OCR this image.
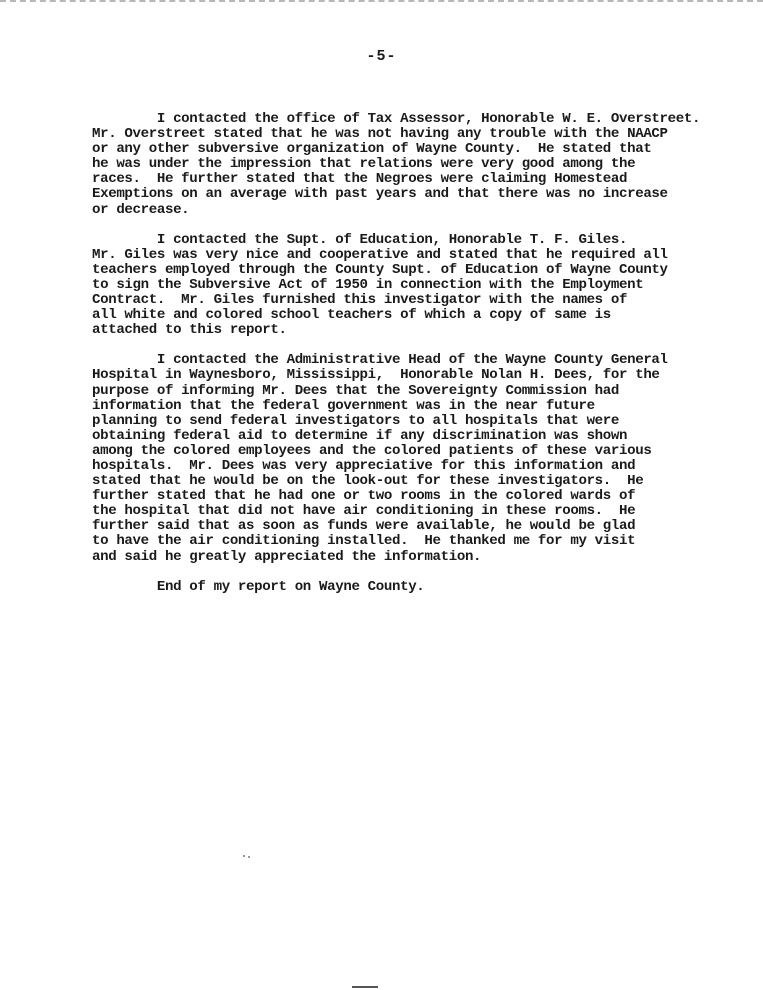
-5-
I contacted the office of Tax Assessor, Honorable W. E. Overstreet.
Mr. Overstreet stated that he was not having any trouble with the NAACP
or any other subversive organization of Wayne County.  He stated that
he was under the impression that relations were very good among the
races.  He further stated that the Negroes were claiming Homestead
Exemptions on an average with past years and that there was no increase
or decrease.
I contacted the Supt. of Education, Honorable T. F. Giles.
Mr. Giles was very nice and cooperative and stated that he required all
teachers employed through the County Supt. of Education of Wayne County
to sign the Subversive Act of 1950 in connection with the Employment
Contract.  Mr. Giles furnished this investigator with the names of
all white and colored school teachers of which a copy of same is
attached to this report.
I contacted the Administrative Head of the Wayne County General
Hospital in Waynesboro, Mississippi,  Honorable Nolan H. Dees, for the
purpose of informing Mr. Dees that the Sovereignty Commission had
information that the federal government was in the near future
planning to send federal investigators to all hospitals that were
obtaining federal aid to determine if any discrimination was shown
among the colored employees and the colored patients of these various
hospitals.  Mr. Dees was very appreciative for this information and
stated that he would be on the look-out for these investigators.  He
further stated that he had one or two rooms in the colored wards of
the hospital that did not have air conditioning in these rooms.  He
further said that as soon as funds were available, he would be glad
to have the air conditioning installed.  He thanked me for my visit
and said he greatly appreciated the information.
End of my report on Wayne County.
